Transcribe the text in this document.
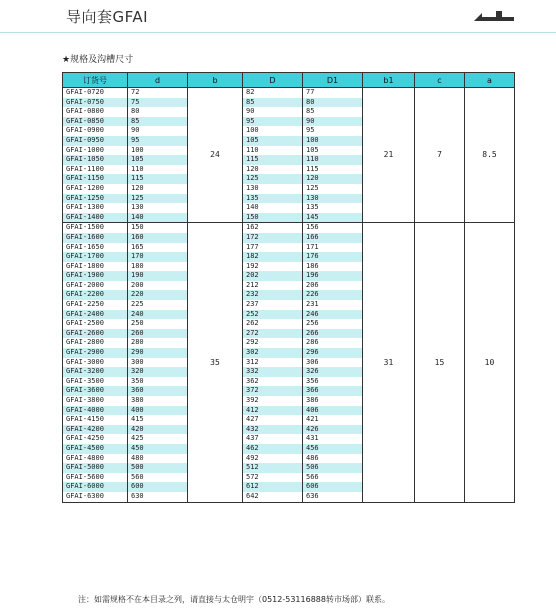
导向套GFAI
★规格及沟槽尺寸
订货号	d	b	D	D1	b1	c	a
GFAI-0720	72	24	82	77	21	7	8.5
GFAI-0750	75		85	80			
GFAI-0800	80		90	85			
GFAI-0850	85		95	90			
GFAI-0900	90		100	95			
GFAI-0950	95		105	100			
GFAI-1000	100		110	105			
GFAI-1050	105		115	110			
GFAI-1100	110		120	115			
GFAI-1150	115		125	120			
GFAI-1200	120		130	125			
GFAI-1250	125		135	130			
GFAI-1300	130		140	135			
GFAI-1400	140		150	145			
GFAI-1500	150	35	162	156	31	15	10
GFAI-1600	160		172	166			
GFAI-1650	165		177	171			
GFAI-1700	170		182	176			
GFAI-1800	180		192	186			
GFAI-1900	190		202	196			
GFAI-2000	200		212	206			
GFAI-2200	220		232	226			
GFAI-2250	225		237	231			
GFAI-2400	240		252	246			
GFAI-2500	250		262	256			
GFAI-2600	260		272	266			
GFAI-2800	280		292	286			
GFAI-2900	290		302	296			
GFAI-3000	300		312	306			
GFAI-3200	320		332	326			
GFAI-3500	350		362	356			
GFAI-3600	360		372	366			
GFAI-3800	380		392	386			
GFAI-4000	400		412	406			
GFAI-4150	415		427	421			
GFAI-4200	420		432	426			
GFAI-4250	425		437	431			
GFAI-4500	450		462	456			
GFAI-4800	480		492	486			
GFAI-5000	500		512	506			
GFAI-5600	560		572	566			
GFAI-6000	600		612	606			
GFAI-6300	630		642	636			
注：如需规格不在本目录之列，请直接与太仓明宇（0512-53116888转市场部）联系。
